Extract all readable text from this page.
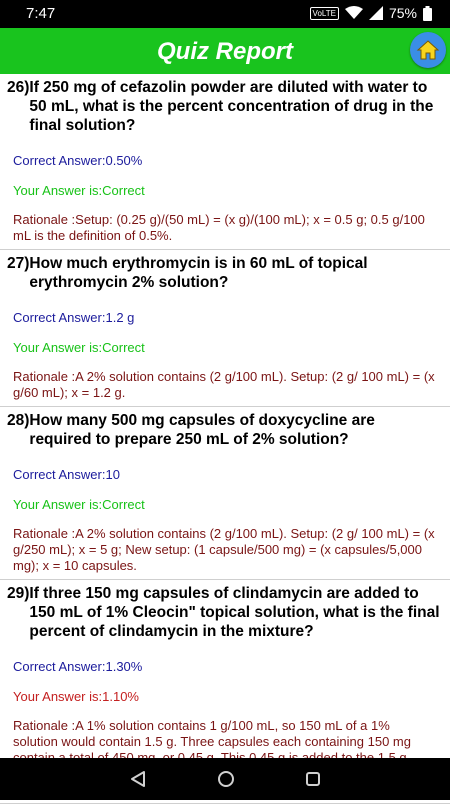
7:47	VoLTE	75%
Quiz Report
26) If 250 mg of cefazolin powder are diluted with water to 50 mL, what is the percent concentration of drug in the final solution?
Correct Answer:0.50%
Your Answer is:Correct
Rationale :Setup: (0.25 g)/(50 mL) = (x g)/(100 mL); x = 0.5 g; 0.5 g/100 mL is the definition of 0.5%.
27) How much erythromycin is in 60 mL of topical erythromycin 2% solution?
Correct Answer:1.2 g
Your Answer is:Correct
Rationale :A 2% solution contains (2 g/100 mL). Setup: (2 g/ 100 mL) = (x g/60 mL); x = 1.2 g.
28) How many 500 mg capsules of doxycycline are required to prepare 250 mL of 2% solution?
Correct Answer:10
Your Answer is:Correct
Rationale :A 2% solution contains (2 g/100 mL). Setup: (2 g/ 100 mL) = (x g/250 mL); x = 5 g; New setup: (1 capsule/500 mg) = (x capsules/5,000 mg); x = 10 capsules.
29) If three 150 mg capsules of clindamycin are added to 150 mL of 1% Cleocin" topical solution, what is the final percent of clindamycin in the mixture?
Correct Answer:1.30%
Your Answer is:1.10%
Rationale :A 1% solution contains 1 g/100 mL, so 150 mL of a 1% solution would contain 1.5 g. Three capsules each containing 150 mg
